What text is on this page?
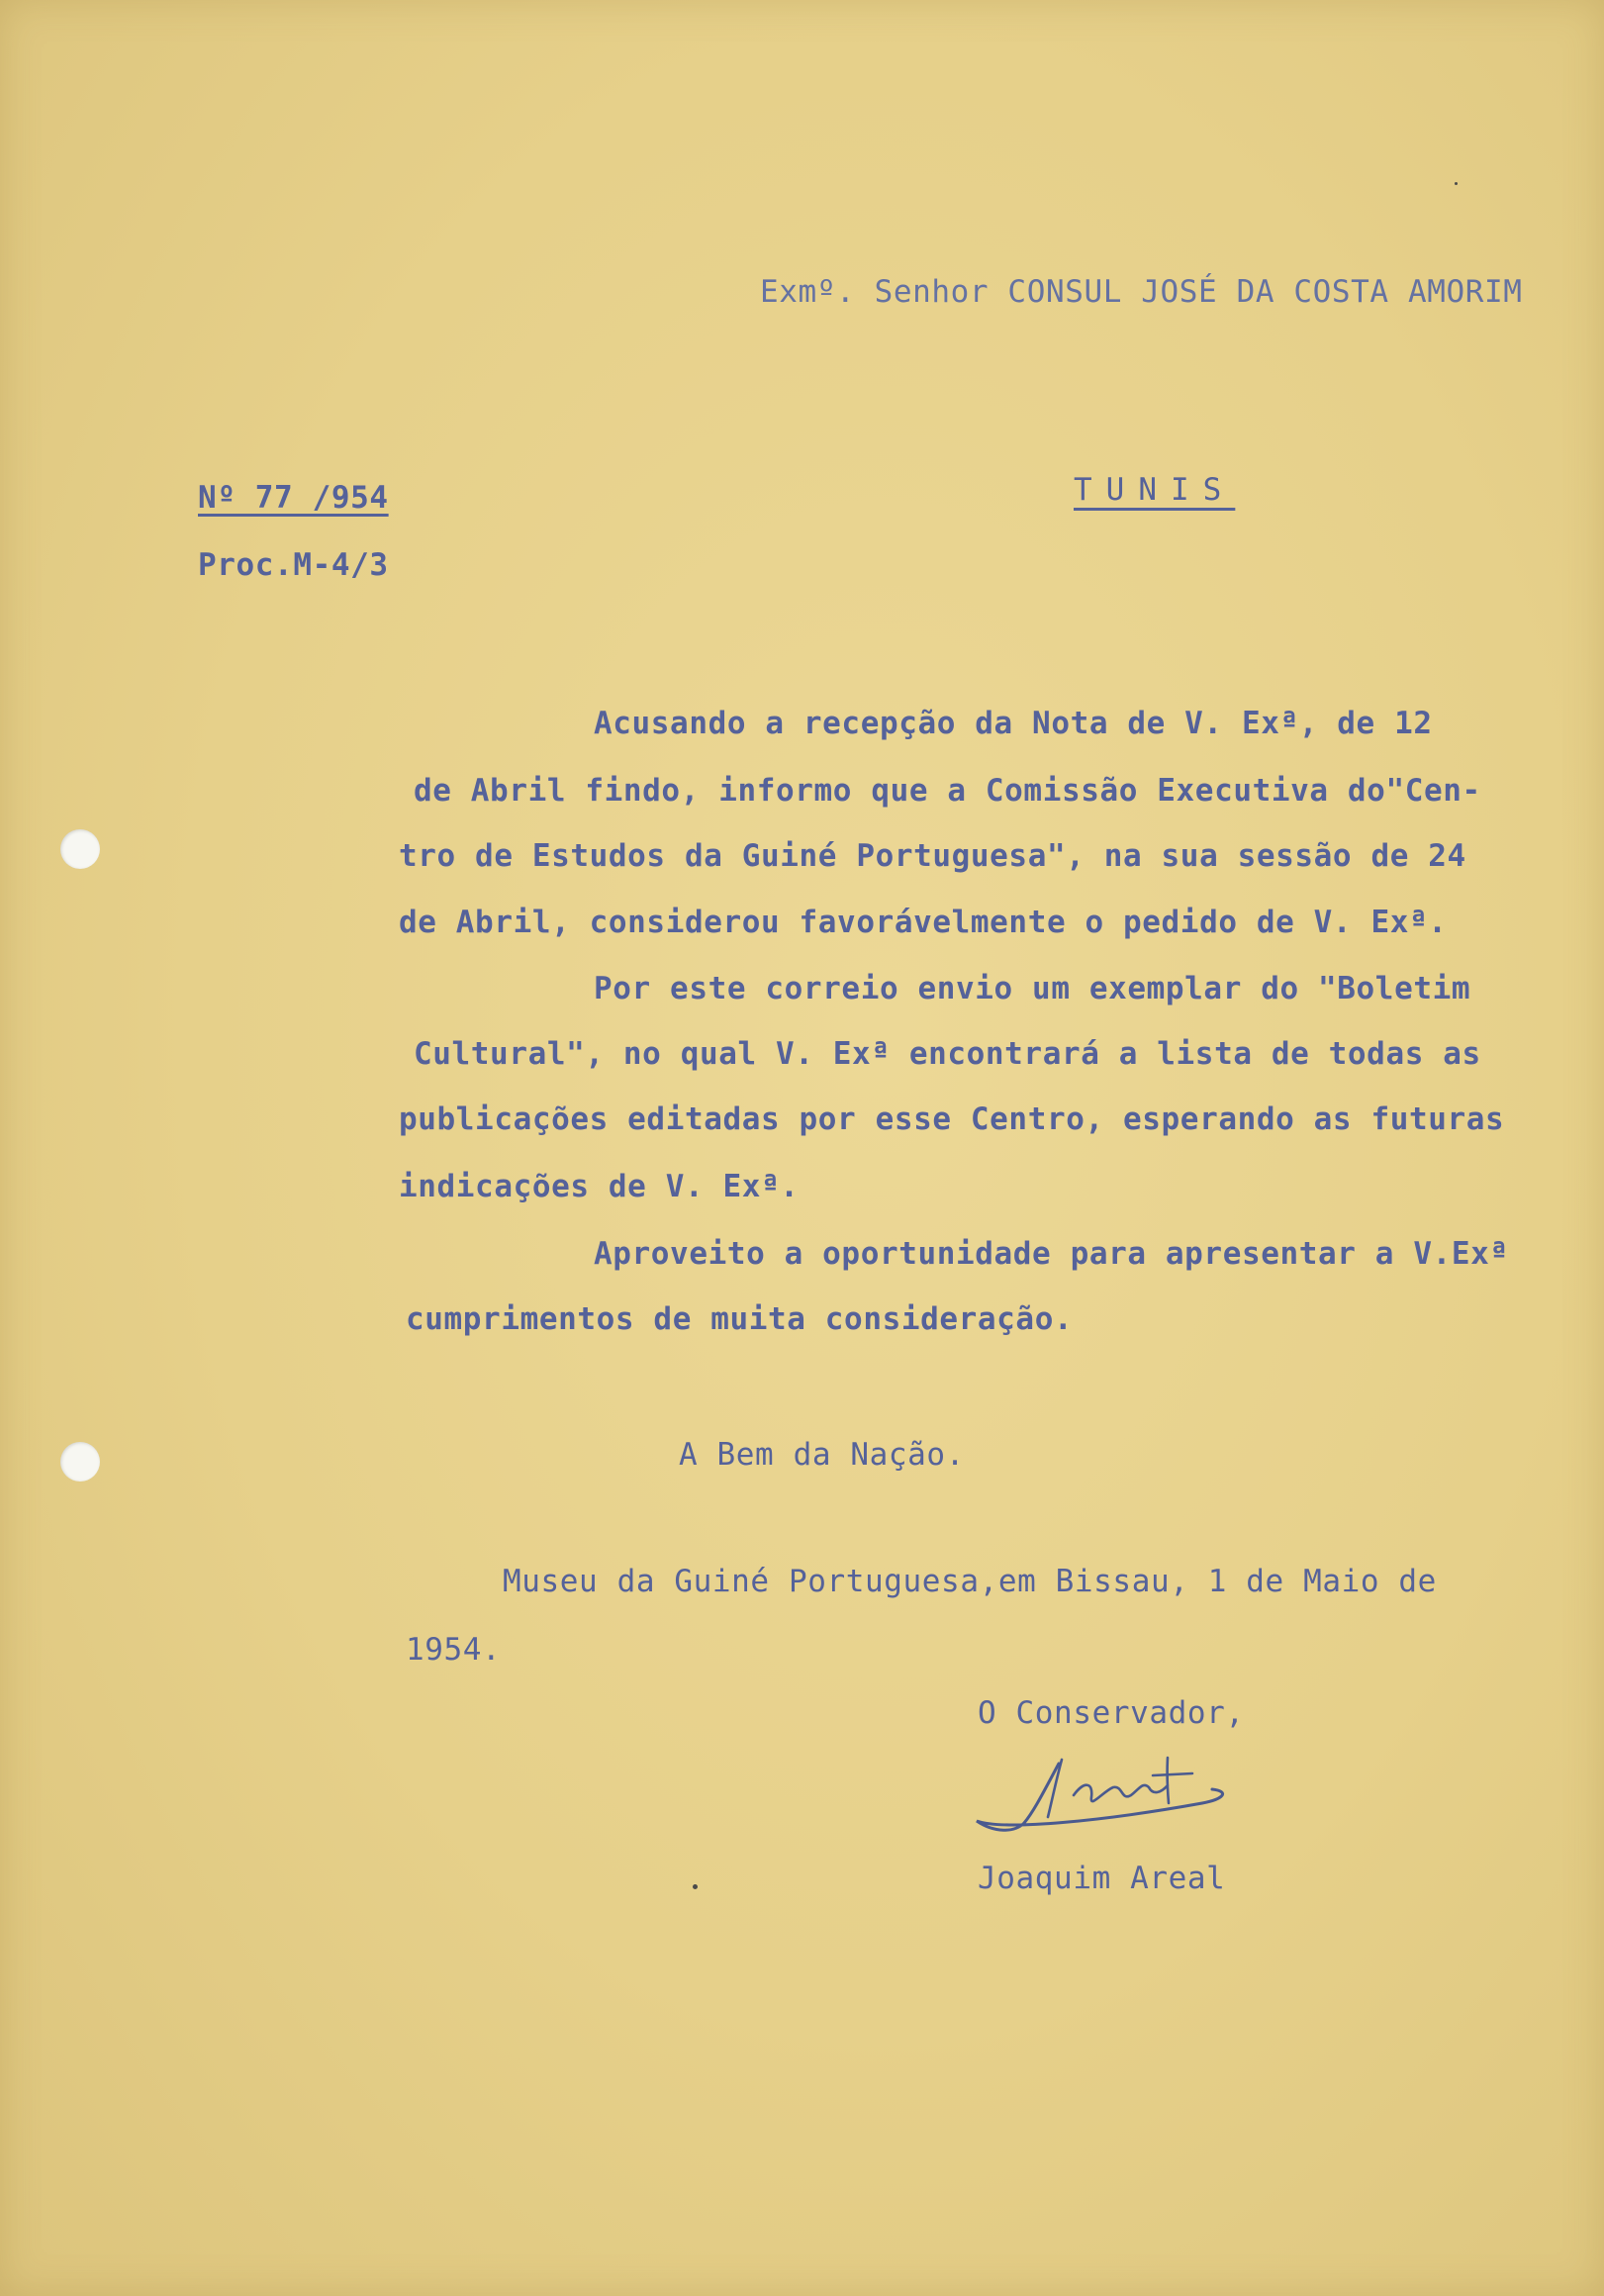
Exmº. Senhor CONSUL JOSÉ DA COSTA AMORIM
Nº 77 /954
Proc.M-4/3
TUNIS
Acusando a recepção da Nota de V. Exª, de 12
de Abril findo, informo que a Comissão Executiva do"Cen-
tro de Estudos da Guiné Portuguesa", na sua sessão de 24
de Abril, considerou favorávelmente o pedido de V. Exª.
Por este correio envio um exemplar do "Boletim
Cultural", no qual V. Exª encontrará a lista de todas as
publicações editadas por esse Centro, esperando as futuras
indicações de V. Exª.
Aproveito a oportunidade para apresentar a V.Exª
cumprimentos de muita consideração.
A Bem da Nação.
Museu da Guiné Portuguesa,em Bissau, 1 de Maio de
1954.
O Conservador,
Joaquim Areal
